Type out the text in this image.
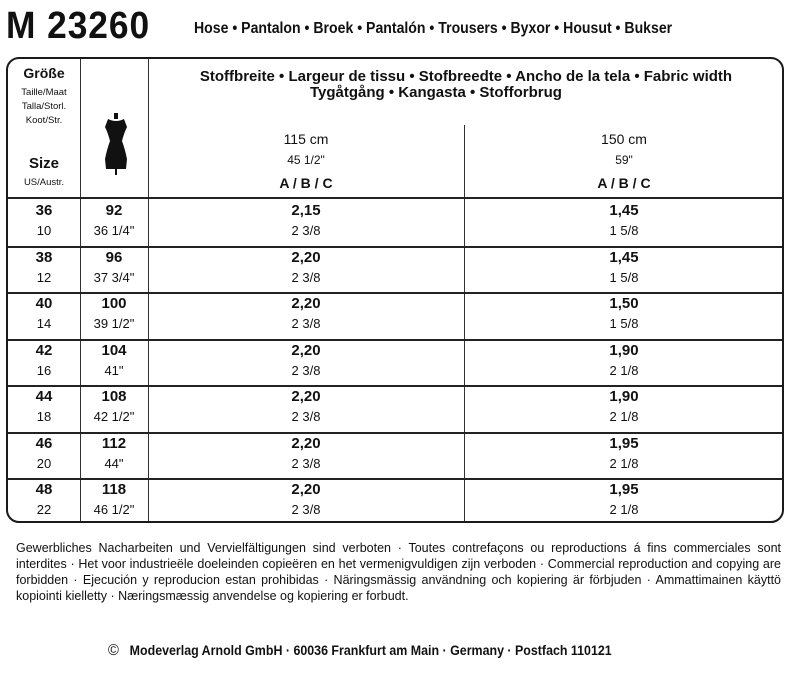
M 23260	Hose • Pantalon • Broek • Pantalón • Trousers • Byxor • Housut • Bukser
Größe
Taille/Maat
Talla/Storl.
Koot/Str.
Size
US/Austr.
Stoffbreite • Largeur de tissu • Stofbreedte • Ancho de la tela • Fabric width
Tygåtgång • Kangasta • Stofforbrug
115 cm
45 1/2"
A / B / C
150 cm
59"
A / B / C
36
10
92
36 1/4"
2,15
2 3/8
1,45
1 5/8
38
12
96
37 3/4"
2,20
2 3/8
1,45
1 5/8
40
14
100
39 1/2"
2,20
2 3/8
1,50
1 5/8
42
16
104
41"
2,20
2 3/8
1,90
2 1/8
44
18
108
42 1/2"
2,20
2 3/8
1,90
2 1/8
46
20
112
44"
2,20
2 3/8
1,95
2 1/8
48
22
118
46 1/2"
2,20
2 3/8
1,95
2 1/8
Gewerbliches Nacharbeiten und Vervielfältigungen sind verboten · Toutes contrefaçons ou reproductions á fins commerciales sont interdites · Het voor industrieële doeleinden copieëren en het vermenigvuldigen zijn verboden · Commercial reproduction and copying are forbidden · Ejecución y reproducion estan prohibidas · Näringsmässig användning och kopiering är förbjuden · Ammattimainen käyttö kopiointi kielletty · Næringsmæssig anvendelse og kopiering er forbudt.
© Modeverlag Arnold GmbH · 60036 Frankfurt am Main · Germany · Postfach 110121
